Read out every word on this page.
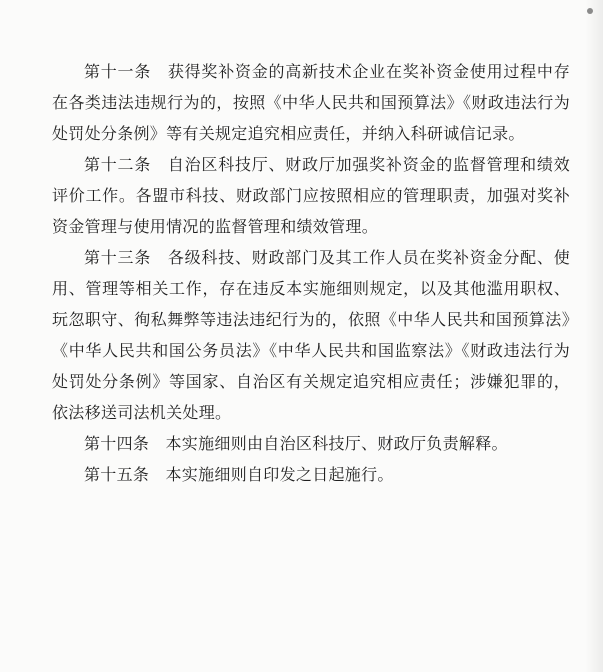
第十一条　获得奖补资金的高新技术企业在奖补资金使用过程中存在各类违法违规行为的，按照《中华人民共和国预算法》《财政违法行为处罚处分条例》等有关规定追究相应责任，并纳入科研诚信记录。

第十二条　自治区科技厅、财政厅加强奖补资金的监督管理和绩效评价工作。各盟市科技、财政部门应按照相应的管理职责，加强对奖补资金管理与使用情况的监督管理和绩效管理。

第十三条　各级科技、财政部门及其工作人员在奖补资金分配、使用、管理等相关工作，存在违反本实施细则规定，以及其他滥用职权、玩忽职守、徇私舞弊等违法违纪行为的，依照《中华人民共和国预算法》《中华人民共和国公务员法》《中华人民共和国监察法》《财政违法行为处罚处分条例》等国家、自治区有关规定追究相应责任；涉嫌犯罪的，依法移送司法机关处理。

第十四条　本实施细则由自治区科技厅、财政厅负责解释。

第十五条　本实施细则自印发之日起施行。
